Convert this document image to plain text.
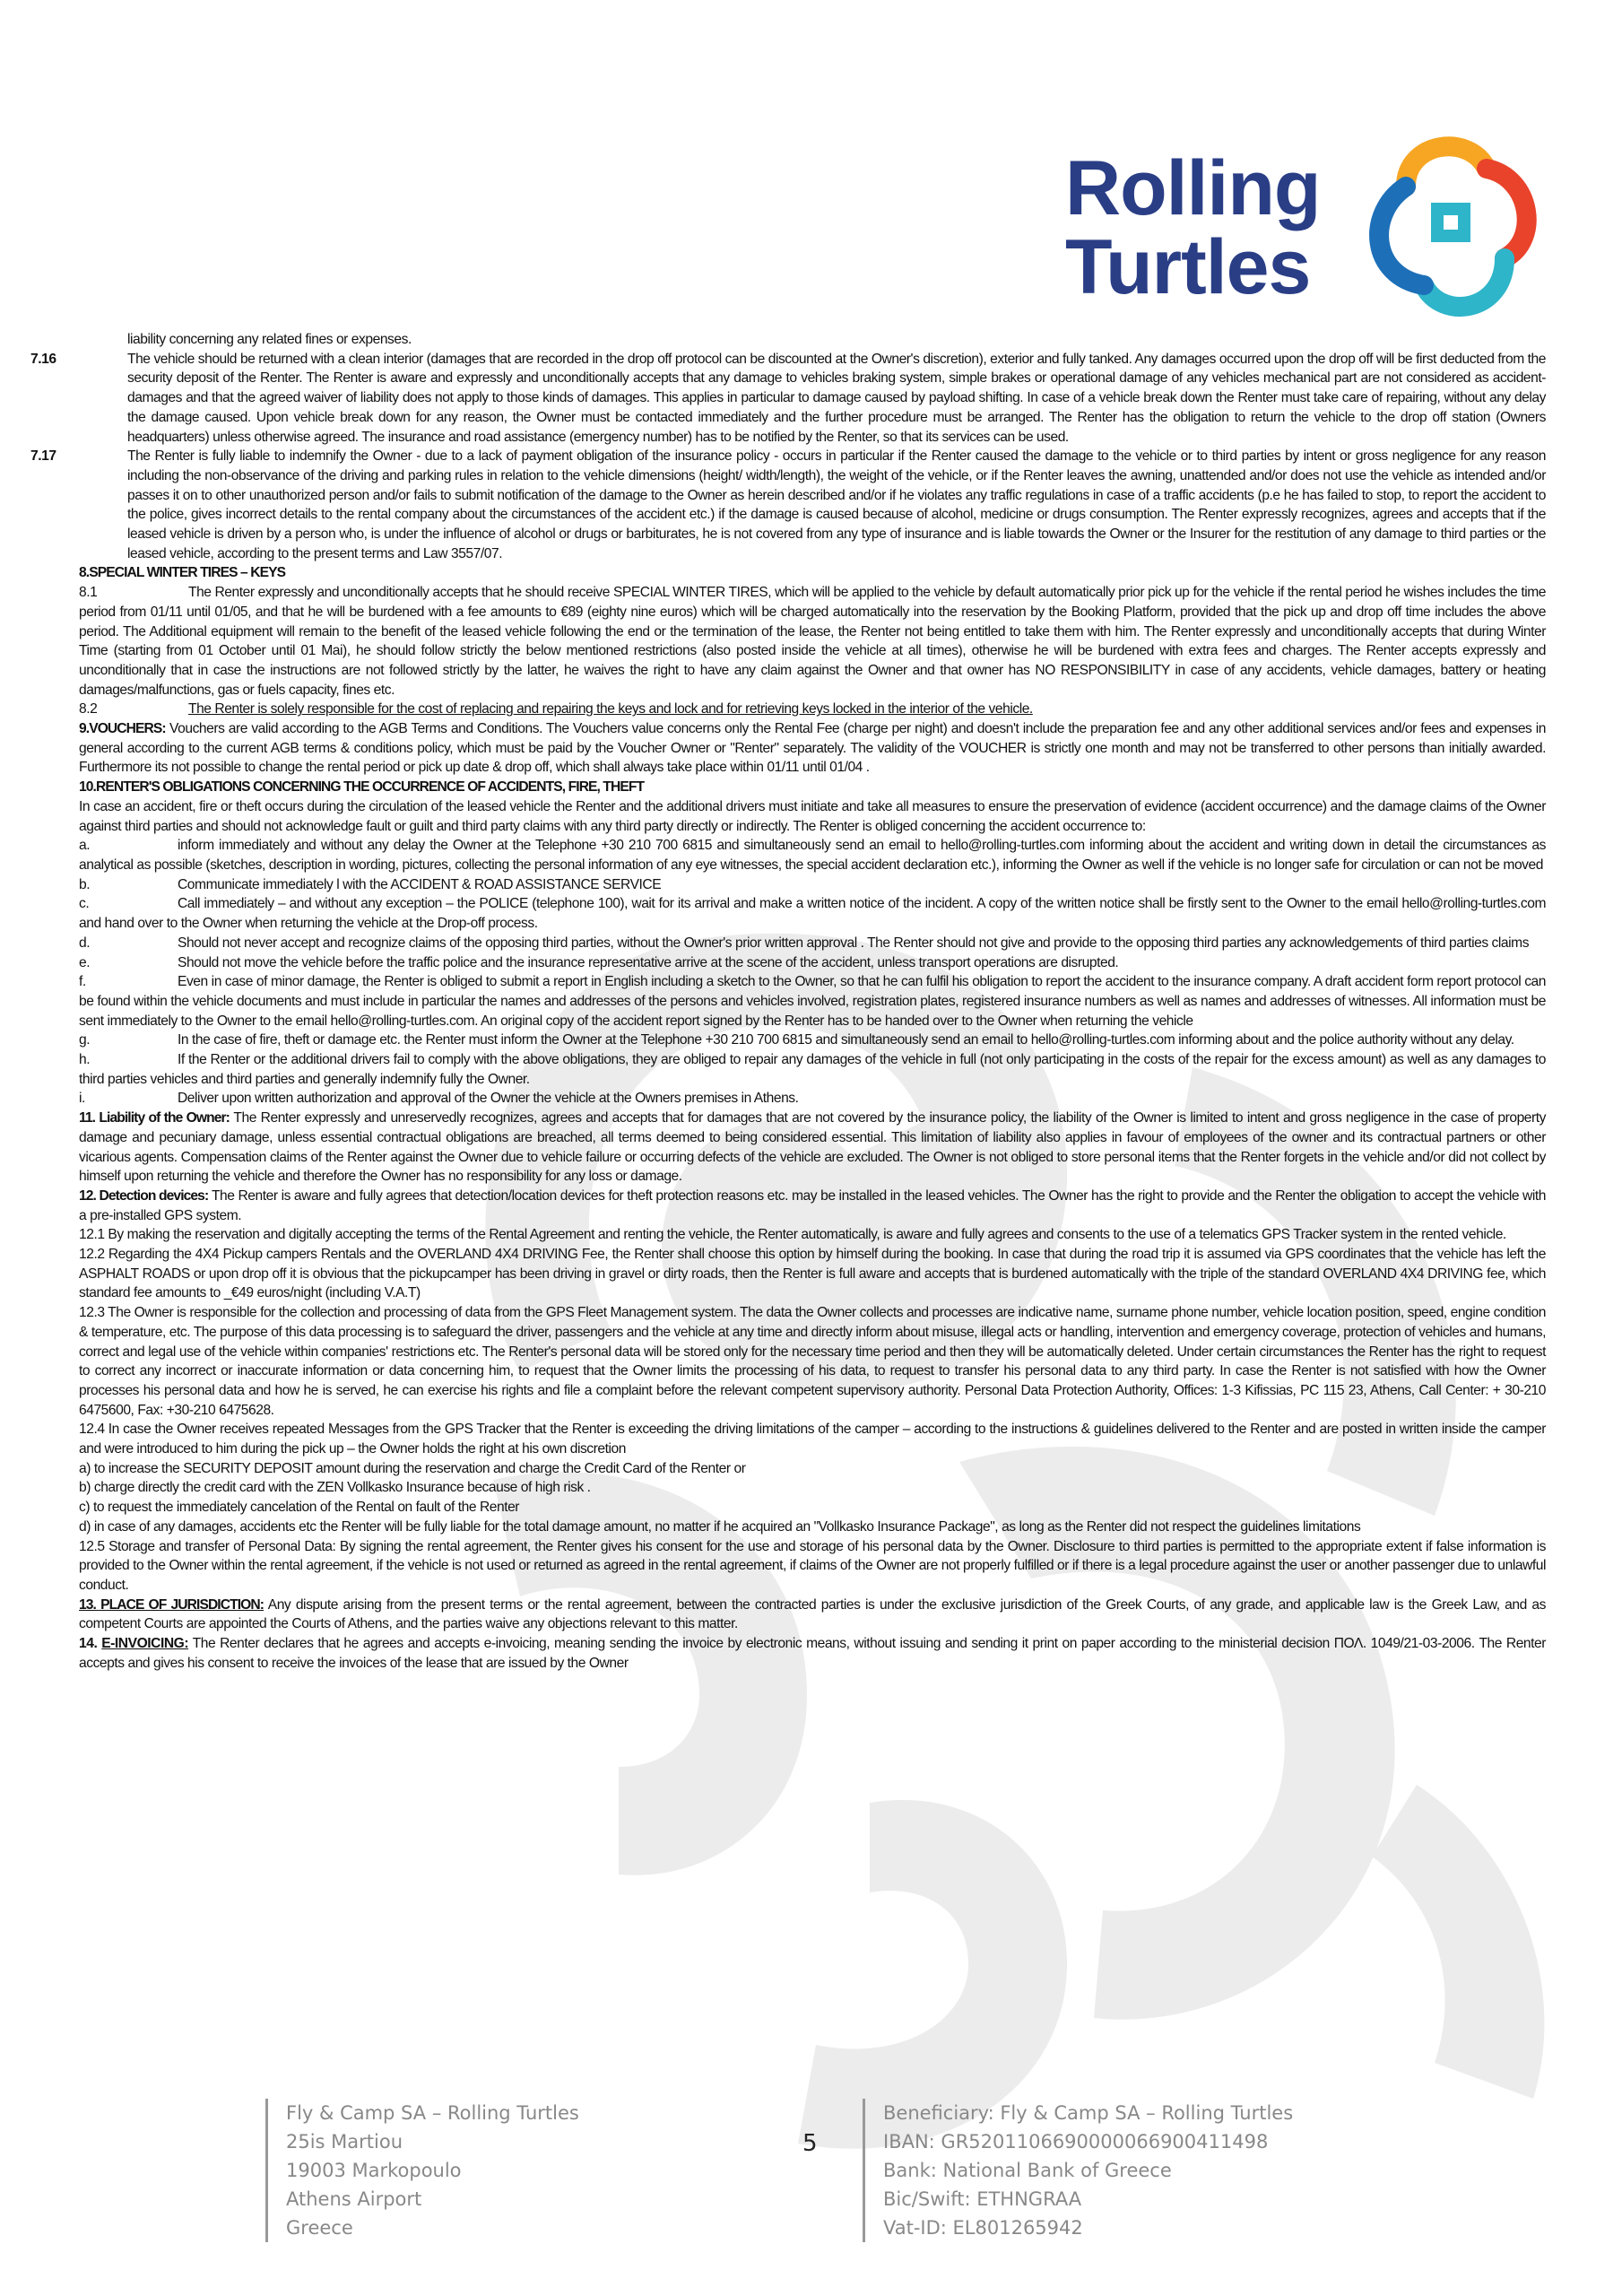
Rolling
Turtles

liability concerning any related fines or expenses.

7.16	The vehicle should be returned with a clean interior (damages that are recorded in the drop off protocol can be discounted at the Owner's discretion), exterior and fully tanked. Any damages occurred upon the drop off will be first deducted from the security deposit of the Renter. The Renter is aware and expressly and unconditionally accepts that any damage to vehicles braking system, simple brakes or operational damage of any vehicles mechanical part are not considered as accident-damages and that the agreed waiver of liability does not apply to those kinds of damages. This applies in particular to damage caused by payload shifting. In case of a vehicle break down the Renter must take care of repairing, without any delay the damage caused. Upon vehicle break down for any reason, the Owner must be contacted immediately and the further procedure must be arranged. The Renter has the obligation to return the vehicle to the drop off station (Owners headquarters) unless otherwise agreed. The insurance and road assistance (emergency number) has to be notified by the Renter, so that its services can be used.

7.17	The Renter is fully liable to indemnify the Owner - due to a lack of payment obligation of the insurance policy - occurs in particular if the Renter caused the damage to the vehicle or to third parties by intent or gross negligence for any reason including the non-observance of the driving and parking rules in relation to the vehicle dimensions (height/ width/length), the weight of the vehicle, or if the Renter leaves the awning, unattended and/or does not use the vehicle as intended and/or passes it on to other unauthorized person and/or fails to submit notification of the damage to the Owner as herein described and/or if he violates any traffic regulations in case of a traffic accidents (p.e he has failed to stop, to report the accident to the police, gives incorrect details to the rental company about the circumstances of the accident etc.) if the damage is caused because of alcohol, medicine or drugs consumption. The Renter expressly recognizes, agrees and accepts that if the leased vehicle is driven by a person who, is under the influence of alcohol or drugs or barbiturates, he is not covered from any type of insurance and is liable towards the Owner or the Insurer for the restitution of any damage to third parties or the leased vehicle, according to the present terms and Law 3557/07.

8.SPECIAL WINTER TIRES – KEYS

8.1	The Renter expressly and unconditionally accepts that he should receive SPECIAL WINTER TIRES, which will be applied to the vehicle by default automatically prior pick up for the vehicle if the rental period he wishes includes the time period from 01/11 until 01/05, and that he will be burdened with a fee amounts to €89 (eighty nine euros) which will be charged automatically into the reservation by the Booking Platform, provided that the pick up and drop off time includes the above period. The Additional equipment will remain to the benefit of the leased vehicle following the end or the termination of the lease, the Renter not being entitled to take them with him. The Renter expressly and unconditionally accepts that during Winter Time (starting from 01 October until 01 Mai), he should follow strictly the below mentioned restrictions (also posted inside the vehicle at all times), otherwise he will be burdened with extra fees and charges. The Renter accepts expressly and unconditionally that in case the instructions are not followed strictly by the latter, he waives the right to have any claim against the Owner and that owner has NO RESPONSIBILITY in case of any accidents, vehicle damages, battery or heating damages/malfunctions, gas or fuels capacity, fines etc.

8.2	The Renter is solely responsible for the cost of replacing and repairing the keys and lock and for retrieving keys locked in the interior of the vehicle.

9.VOUCHERS: Vouchers are valid according to the AGB Terms and Conditions. The Vouchers value concerns only the Rental Fee (charge per night) and doesn't include the preparation fee and any other additional services and/or fees and expenses in general according to the current AGB terms & conditions policy, which must be paid by the Voucher Owner or "Renter" separately. The validity of the VOUCHER is strictly one month and may not be transferred to other persons than initially awarded. Furthermore its not possible to change the rental period or pick up date & drop off, which shall always take place within 01/11 until 01/04 .

10.RENTER'S OBLIGATIONS CONCERNING THE OCCURRENCE OF ACCIDENTS, FIRE, THEFT

In case an accident, fire or theft occurs during the circulation of the leased vehicle the Renter and the additional drivers must initiate and take all measures to ensure the preservation of evidence (accident occurrence) and the damage claims of the Owner against third parties and should not acknowledge fault or guilt and third party claims with any third party directly or indirectly. The Renter is obliged concerning the accident occurrence to:

a.	inform immediately and without any delay the Owner at the Telephone +30 210 700 6815 and simultaneously send an email to hello@rolling-turtles.com informing about the accident and writing down in detail the circumstances as analytical as possible (sketches, description in wording, pictures, collecting the personal information of any eye witnesses, the special accident declaration etc.), informing the Owner as well if the vehicle is no longer safe for circulation or can not be moved

b.	Communicate immediately l with the ACCIDENT & ROAD ASSISTANCE SERVICE

c.	Call immediately – and without any exception – the POLICE (telephone 100), wait for its arrival and make a written notice of the incident. A copy of the written notice shall be firstly sent to the Owner to the email hello@rolling-turtles.com and hand over to the Owner when returning the vehicle at the Drop-off process.

d.	Should not never accept and recognize claims of the opposing third parties, without the Owner's prior written approval . The Renter should not give and provide to the opposing third parties any acknowledgements of third parties claims

e.	Should not move the vehicle before the traffic police and the insurance representative arrive at the scene of the accident, unless transport operations are disrupted.

f.	Even in case of minor damage, the Renter is obliged to submit a report in English including a sketch to the Owner, so that he can fulfil his obligation to report the accident to the insurance company. A draft accident form report protocol can be found within the vehicle documents and must include in particular the names and addresses of the persons and vehicles involved, registration plates, registered insurance numbers as well as names and addresses of witnesses. All information must be sent immediately to the Owner to the email hello@rolling-turtles.com. An original copy of the accident report signed by the Renter has to be handed over to the Owner when returning the vehicle

g.	In the case of fire, theft or damage etc. the Renter must inform the Owner at the Telephone +30 210 700 6815 and simultaneously send an email to hello@rolling-turtles.com informing about and the police authority without any delay.

h.	If the Renter or the additional drivers fail to comply with the above obligations, they are obliged to repair any damages of the vehicle in full (not only participating in the costs of the repair for the excess amount) as well as any damages to third parties vehicles and third parties and generally indemnify fully the Owner.

i.	Deliver upon written authorization and approval of the Owner the vehicle at the Owners premises in Athens.

11. Liability of the Owner: The Renter expressly and unreservedly recognizes, agrees and accepts that for damages that are not covered by the insurance policy, the liability of the Owner is limited to intent and gross negligence in the case of property damage and pecuniary damage, unless essential contractual obligations are breached, all terms deemed to being considered essential. This limitation of liability also applies in favour of employees of the owner and its contractual partners or other vicarious agents. Compensation claims of the Renter against the Owner due to vehicle failure or occurring defects of the vehicle are excluded. The Owner is not obliged to store personal items that the Renter forgets in the vehicle and/or did not collect by himself upon returning the vehicle and therefore the Owner has no responsibility for any loss or damage.

12. Detection devices: The Renter is aware and fully agrees that detection/location devices for theft protection reasons etc. may be installed in the leased vehicles. The Owner has the right to provide and the Renter the obligation to accept the vehicle with a pre-installed GPS system.

12.1 By making the reservation and digitally accepting the terms of the Rental Agreement and renting the vehicle, the Renter automatically, is aware and fully agrees and consents to the use of a telematics GPS Tracker system in the rented vehicle.

12.2 Regarding the 4X4 Pickup campers Rentals and the OVERLAND 4X4 DRIVING Fee, the Renter shall choose this option by himself during the booking. In case that during the road trip it is assumed via GPS coordinates that the vehicle has left the ASPHALT ROADS or upon drop off it is obvious that the pickupcamper has been driving in gravel or dirty roads, then the Renter is full aware and accepts that is burdened automatically with the triple of the standard OVERLAND 4X4 DRIVING fee, which standard fee amounts to _€49 euros/night (including V.A.T)

12.3 The Owner is responsible for the collection and processing of data from the GPS Fleet Management system. The data the Owner collects and processes are indicative name, surname phone number, vehicle location position, speed, engine condition & temperature, etc. The purpose of this data processing is to safeguard the driver, passengers and the vehicle at any time and directly inform about misuse, illegal acts or handling, intervention and emergency coverage, protection of vehicles and humans, correct and legal use of the vehicle within companies' restrictions etc. The Renter's personal data will be stored only for the necessary time period and then they will be automatically deleted. Under certain circumstances the Renter has the right to request to correct any incorrect or inaccurate information or data concerning him, to request that the Owner limits the processing of his data, to request to transfer his personal data to any third party. In case the Renter is not satisfied with how the Owner processes his personal data and how he is served, he can exercise his rights and file a complaint before the relevant competent supervisory authority. Personal Data Protection Authority, Offices: 1-3 Kifissias, PC 115 23, Athens, Call Center: + 30-210 6475600, Fax: +30-210 6475628.

12.4 In case the Owner receives repeated Messages from the GPS Tracker that the Renter is exceeding the driving limitations of the camper – according to the instructions & guidelines delivered to the Renter and are posted in written inside the camper and were introduced to him during the pick up – the Owner holds the right at his own discretion

a) to increase the SECURITY DEPOSIT amount during the reservation and charge the Credit Card of the Renter or

b) charge directly the credit card with the ZEN Vollkasko Insurance because of high risk .

c) to request the immediately cancelation of the Rental on fault of the Renter

d) in case of any damages, accidents etc the Renter will be fully liable for the total damage amount, no matter if he acquired an "Vollkasko Insurance Package", as long as the Renter did not respect the guidelines limitations

12.5 Storage and transfer of Personal Data: By signing the rental agreement, the Renter gives his consent for the use and storage of his personal data by the Owner. Disclosure to third parties is permitted to the appropriate extent if false information is provided to the Owner within the rental agreement, if the vehicle is not used or returned as agreed in the rental agreement, if claims of the Owner are not properly fulfilled or if there is a legal procedure against the user or another passenger due to unlawful conduct.

13. PLACE OF JURISDICTION: Any dispute arising from the present terms or the rental agreement, between the contracted parties is under the exclusive jurisdiction of the Greek Courts, of any grade, and applicable law is the Greek Law, and as competent Courts are appointed the Courts of Athens, and the parties waive any objections relevant to this matter.

14. E-INVOICING: The Renter declares that he agrees and accepts e-invoicing, meaning sending the invoice by electronic means, without issuing and sending it print on paper according to the ministerial decision ΠΟΛ. 1049/21-03-2006. The Renter accepts and gives his consent to receive the invoices of the lease that are issued by the Owner

Fly & Camp SA – Rolling Turtles
25is Martiou
19003 Markopoulo
Athens Airport
Greece
5
Beneficiary: Fly & Camp SA – Rolling Turtles
IBAN: GR5201106690000066900411498
Bank: National Bank of Greece
Bic/Swift: ETHNGRAA
Vat-ID: EL801265942
